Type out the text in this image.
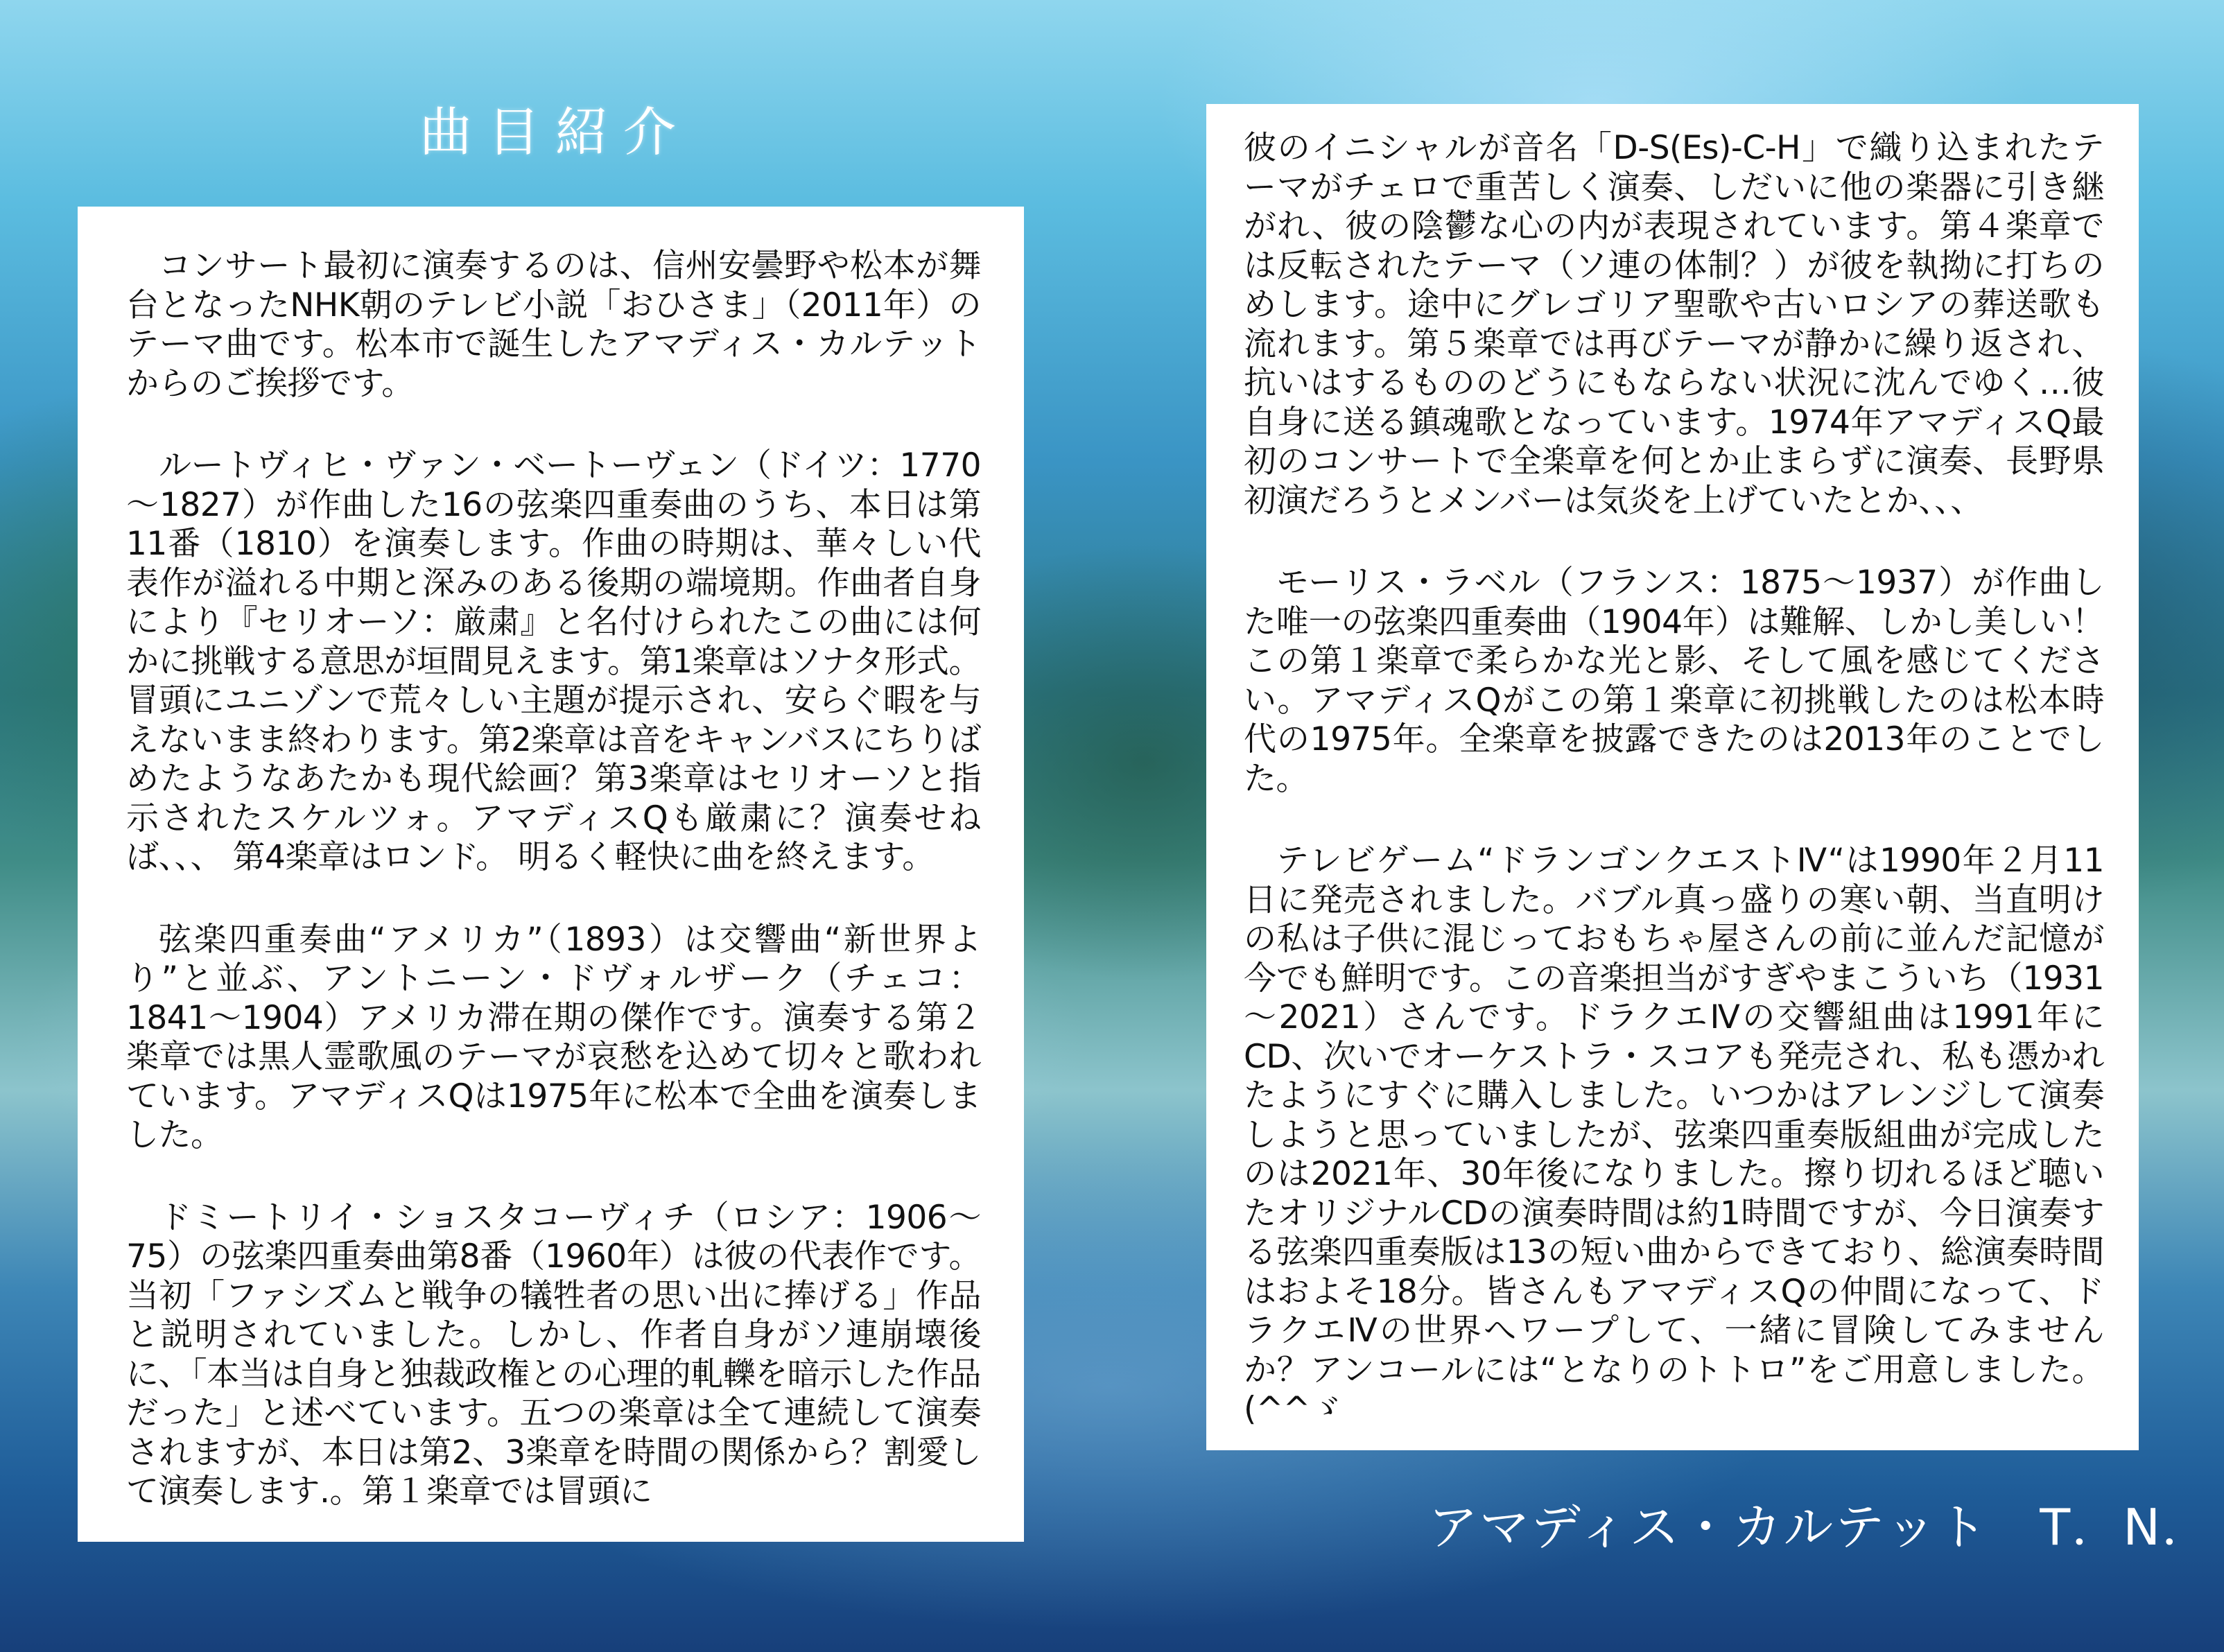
曲目紹介

コンサート最初に演奏するのは、信州安曇野や松本が舞台となったNHK朝のテレビ小説「おひさま」（2011年）のテーマ曲です。松本市で誕生したアマディス・カルテットからのご挨拶です。

ルートヴィヒ・ヴァン・ベートーヴェン（ドイツ：1770～1827）が作曲した16の弦楽四重奏曲のうち、本日は第11番（1810）を演奏します。作曲の時期は、華々しい代表作が溢れる中期と深みのある後期の端境期。作曲者自身により『セリオーソ：厳粛』と名付けられたこの曲には何かに挑戦する意思が垣間見えます。第1楽章はソナタ形式。冒頭にユニゾンで荒々しい主題が提示され、安らぐ暇を与えないまま終わります。第2楽章は音をキャンバスにちりばめたようなあたかも現代絵画？第3楽章はセリオーソと指示されたスケルツォ。アマディスQも厳粛に？演奏せねば、、、 第4楽章はロンド。 明るく軽快に曲を終えます。

弦楽四重奏曲“アメリカ”（1893）は交響曲“新世界より”と並ぶ、アントニーン・ドヴォルザーク（チェコ：1841～1904）アメリカ滞在期の傑作です。演奏する第２楽章では黒人霊歌風のテーマが哀愁を込めて切々と歌われています。アマディスQは1975年に松本で全曲を演奏しました。

ドミートリイ・ショスタコーヴィチ（ロシア：1906～75）の弦楽四重奏曲第8番（1960年）は彼の代表作です。当初「ファシズムと戦争の犠牲者の思い出に捧げる」作品と説明されていました。しかし、作者自身がソ連崩壊後に、「本当は自身と独裁政権との心理的軋轢を暗示した作品だった」と述べています。五つの楽章は全て連続して演奏されますが、本日は第2、3楽章を時間の関係から？割愛して演奏します.。第１楽章では冒頭に

彼のイニシャルが音名「D-S(Es)-C-H」で織り込まれたテーマがチェロで重苦しく演奏、しだいに他の楽器に引き継がれ、彼の陰鬱な心の内が表現されています。第４楽章では反転されたテーマ（ソ連の体制？）が彼を執拗に打ちのめします。途中にグレゴリア聖歌や古いロシアの葬送歌も流れます。第５楽章では再びテーマが静かに繰り返され、抗いはするもののどうにもならない状況に沈んでゆく…彼自身に送る鎮魂歌となっています。1974年アマディスQ最初のコンサートで全楽章を何とか止まらずに演奏、長野県初演だろうとメンバーは気炎を上げていたとか、、、

モーリス・ラベル（フランス：1875～1937）が作曲した唯一の弦楽四重奏曲（1904年）は難解、しかし美しい！この第１楽章で柔らかな光と影、そして風を感じてください。アマディスQがこの第１楽章に初挑戦したのは松本時代の1975年。全楽章を披露できたのは2013年のことでした。

テレビゲーム“ドランゴンクエストⅣ“は1990年２月11日に発売されました。バブル真っ盛りの寒い朝、当直明けの私は子供に混じっておもちゃ屋さんの前に並んだ記憶が今でも鮮明です。この音楽担当がすぎやまこういち（1931～2021）さんです。ドラクエⅣの交響組曲は1991年にCD、次いでオーケストラ・スコアも発売され、私も憑かれたようにすぐに購入しました。いつかはアレンジして演奏しようと思っていましたが、弦楽四重奏版組曲が完成したのは2021年、30年後になりました。擦り切れるほど聴いたオリジナルCDの演奏時間は約1時間ですが、今日演奏する弦楽四重奏版は13の短い曲からできており、総演奏時間はおよそ18分。皆さんもアマディスQの仲間になって、ドラクエⅣの世界へワープして、一緒に冒険してみませんか？アンコールには“となりのトトロ”をご用意しました。(^^ゞ

アマディス・カルテット　T．N．
